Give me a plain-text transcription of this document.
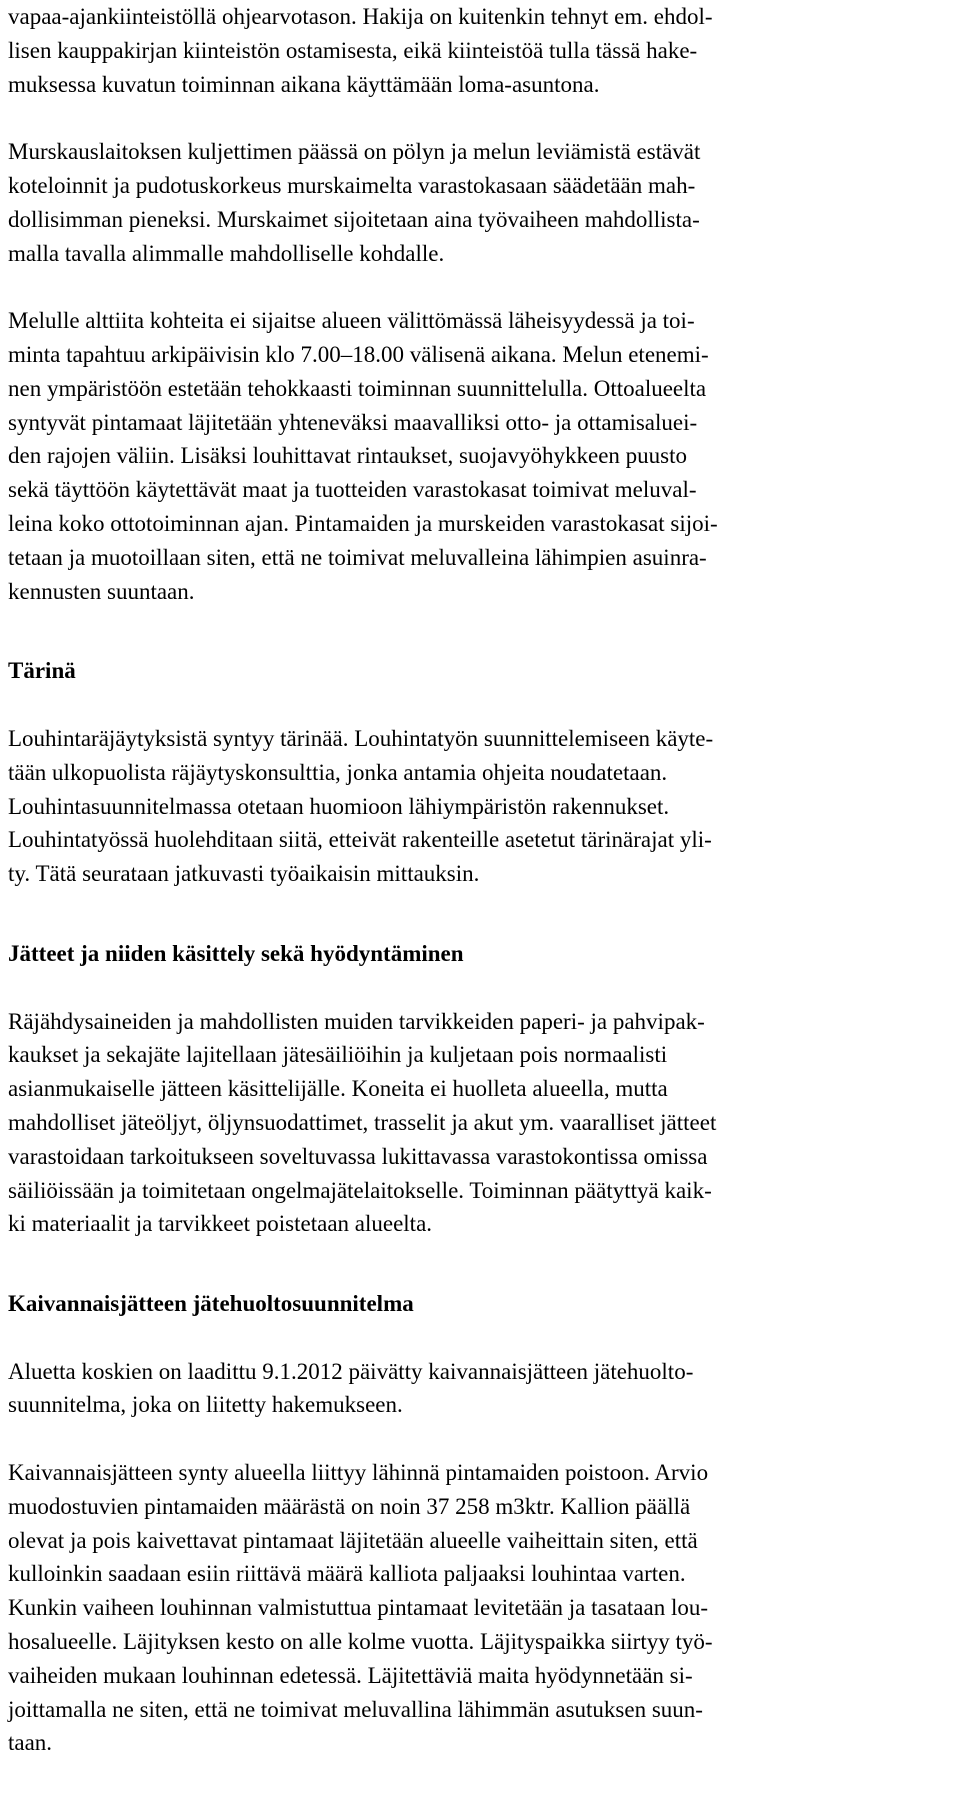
vapaa-ajankiinteistöllä ohjearvotason. Hakija on kuitenkin tehnyt em. ehdol-
lisen kauppakirjan kiinteistön ostamisesta, eikä kiinteistöä tulla tässä hake-
muksessa kuvatun toiminnan aikana käyttämään loma-asuntona.
Murskauslaitoksen kuljettimen päässä on pölyn ja melun leviämistä estävät
koteloinnit ja pudotuskorkeus murskaimelta varastokasaan säädetään mah-
dollisimman pieneksi. Murskaimet sijoitetaan aina työvaiheen mahdollista-
malla tavalla alimmalle mahdolliselle kohdalle.
Melulle alttiita kohteita ei sijaitse alueen välittömässä läheisyydessä ja toi-
minta tapahtuu arkipäivisin klo 7.00–18.00 välisenä aikana. Melun etenemi-
nen ympäristöön estetään tehokkaasti toiminnan suunnittelulla. Ottoalueelta
syntyvät pintamaat läjitetään yhteneväksi maavalliksi otto- ja ottamisaluei-
den rajojen väliin. Lisäksi louhittavat rintaukset, suojavyöhykkeen puusto
sekä täyttöön käytettävät maat ja tuotteiden varastokasat toimivat meluval-
leina koko ottotoiminnan ajan. Pintamaiden ja murskeiden varastokasat sijoi-
tetaan ja muotoillaan siten, että ne toimivat meluvalleina lähimpien asuinra-
kennusten suuntaan.
Tärinä
Louhintaräjäytyksistä syntyy tärinää. Louhintatyön suunnittelemiseen käyte-
tään ulkopuolista räjäytyskonsulttia, jonka antamia ohjeita noudatetaan.
Louhintasuunnitelmassa otetaan huomioon lähiympäristön rakennukset.
Louhintatyössä huolehditaan siitä, etteivät rakenteille asetetut tärinärajat yli-
ty. Tätä seurataan jatkuvasti työaikaisin mittauksin.
Jätteet ja niiden käsittely sekä hyödyntäminen
Räjähdysaineiden ja mahdollisten muiden tarvikkeiden paperi- ja pahvipak-
kaukset ja sekajäte lajitellaan jätesäiliöihin ja kuljetaan pois normaalisti
asianmukaiselle jätteen käsittelijälle. Koneita ei huolleta alueella, mutta
mahdolliset jäteöljyt, öljynsuodattimet, trasselit ja akut ym. vaaralliset jätteet
varastoidaan tarkoitukseen soveltuvassa lukittavassa varastokontissa omissa
säiliöissään ja toimitetaan ongelmajätelaitokselle. Toiminnan päätyttyä kaik-
ki materiaalit ja tarvikkeet poistetaan alueelta.
Kaivannaisjätteen jätehuoltosuunnitelma
Aluetta koskien on laadittu 9.1.2012 päivätty kaivannaisjätteen jätehuolto-
suunnitelma, joka on liitetty hakemukseen.
Kaivannaisjätteen synty alueella liittyy lähinnä pintamaiden poistoon. Arvio
muodostuvien pintamaiden määrästä on noin 37 258 m3ktr. Kallion päällä
olevat ja pois kaivettavat pintamaat läjitetään alueelle vaiheittain siten, että
kulloinkin saadaan esiin riittävä määrä kalliota paljaaksi louhintaa varten.
Kunkin vaiheen louhinnan valmistuttua pintamaat levitetään ja tasataan lou-
hosalueelle. Läjityksen kesto on alle kolme vuotta. Läjityspaikka siirtyy työ-
vaiheiden mukaan louhinnan edetessä. Läjitettäviä maita hyödynnetään si-
joittamalla ne siten, että ne toimivat meluvallina lähimmän asutuksen suun-
taan.
